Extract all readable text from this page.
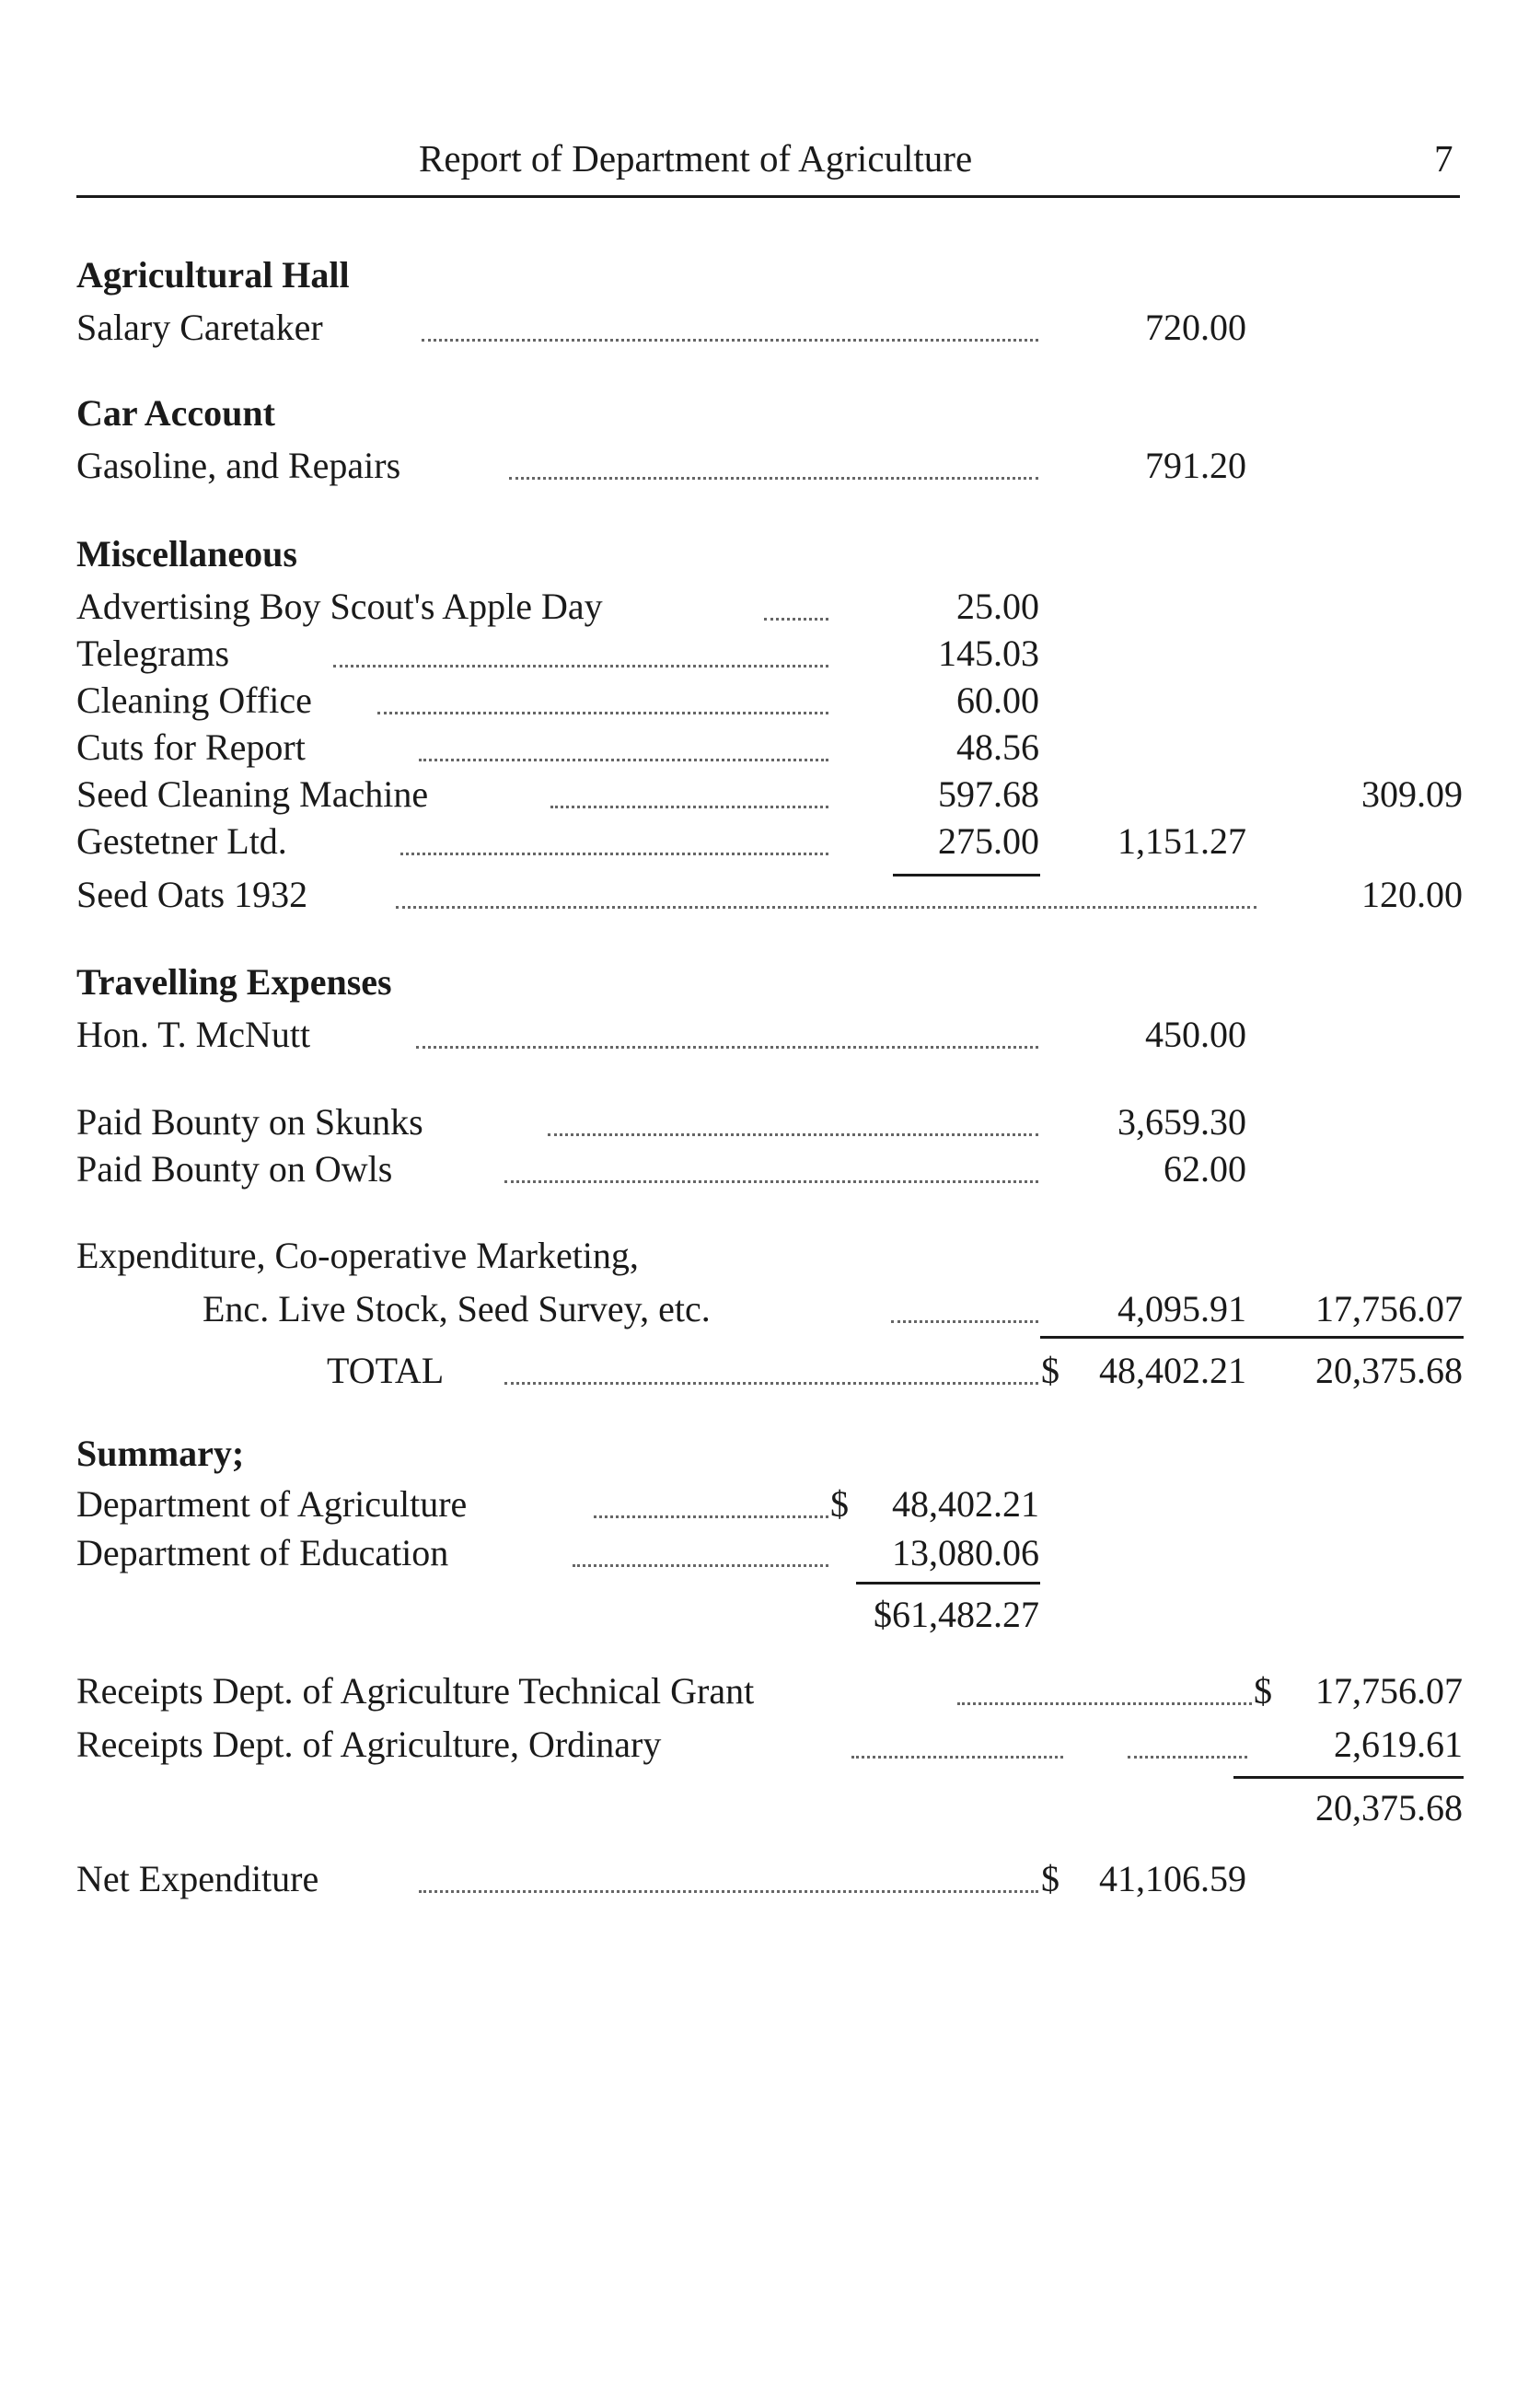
Report of Department of Agriculture	7
Agricultural Hall
Salary Caretaker	720.00
Car Account
Gasoline, and Repairs	791.20
Miscellaneous
Advertising Boy Scout's Apple Day	25.00
Telegrams	145.03
Cleaning Office	60.00
Cuts for Report	48.56
Seed Cleaning Machine	597.68	309.09
Gestetner Ltd.	275.00 1,151.27
Seed Oats 1932	120.00
Travelling Expenses
Hon. T. McNutt	450.00
Paid Bounty on Skunks	3,659.30
Paid Bounty on Owls	62.00
Expenditure, Co-operative Marketing,
Enc. Live Stock, Seed Survey, etc.	4,095.91 17,756.07
TOTAL	$ 48,402.21 20,375.68
Summary;
Department of Agriculture	$ 48,402.21
Department of Education	13,080.06
$61,482.27
Receipts Dept. of Agriculture Technical Grant	$ 17,756.07
Receipts Dept. of Agriculture, Ordinary	2,619.61
20,375.68
Net Expenditure	$ 41,106.59
